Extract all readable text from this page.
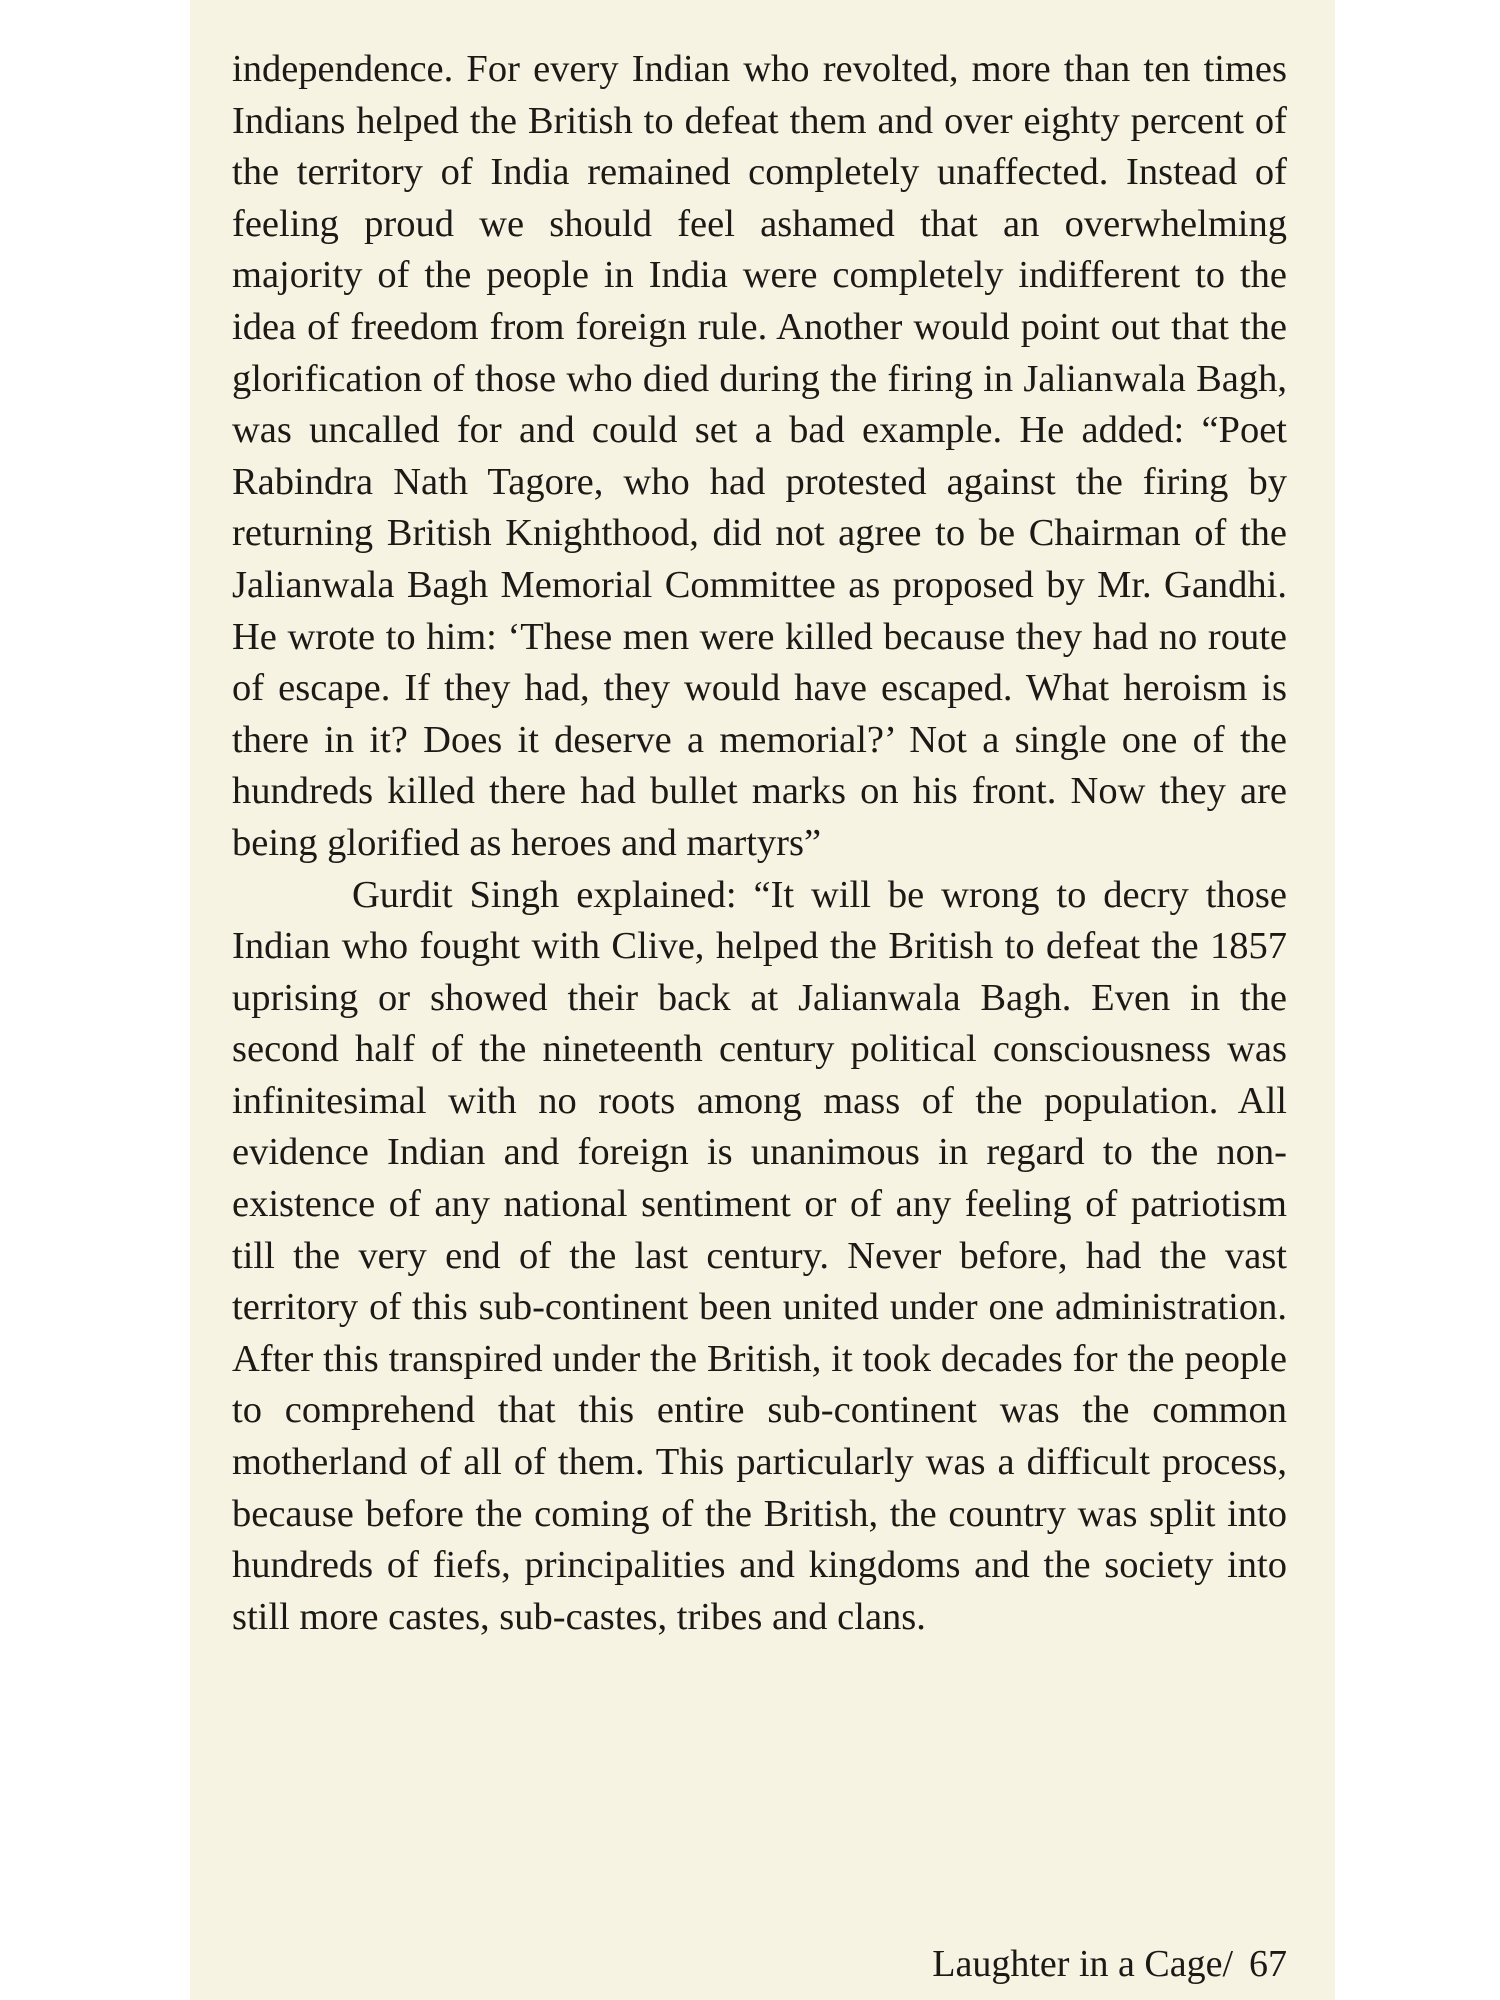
independence. For every Indian who revolted, more than ten times Indians helped the British to defeat them and over eighty percent of the territory of India remained completely unaffected. Instead of feeling proud we should feel ashamed that an overwhelming majority of the people in India were completely indifferent to the idea of freedom from foreign rule. Another would point out that the glorification of those who died during the firing in Jalianwala Bagh, was uncalled for and could set a bad example. He added: “Poet Rabindra Nath Tagore, who had protested against the firing by returning British Knighthood, did not agree to be Chairman of the Jalianwala Bagh Memorial Committee as proposed by Mr. Gandhi. He wrote to him: ‘These men were killed because they had no route of escape. If they had, they would have escaped. What heroism is there in it? Does it deserve a memorial?’ Not a single one of the hundreds killed there had bullet marks on his front. Now they are being glorified as heroes and martyrs”

Gurdit Singh explained: “It will be wrong to decry those Indian who fought with Clive, helped the British to defeat the 1857 uprising or showed their back at Jalianwala Bagh. Even in the second half of the nineteenth century political consciousness was infinitesimal with no roots among mass of the population. All evidence Indian and foreign is unanimous in regard to the non-existence of any national sentiment or of any feeling of patriotism till the very end of the last century. Never before, had the vast territory of this sub-continent been united under one administration. After this transpired under the British, it took decades for the people to comprehend that this entire sub-continent was the common motherland of all of them. This particularly was a difficult process, because before the coming of the British, the country was split into hundreds of fiefs, principalities and kingdoms and the society into still more castes, sub-castes, tribes and clans.

Laughter in a Cage/ 67
